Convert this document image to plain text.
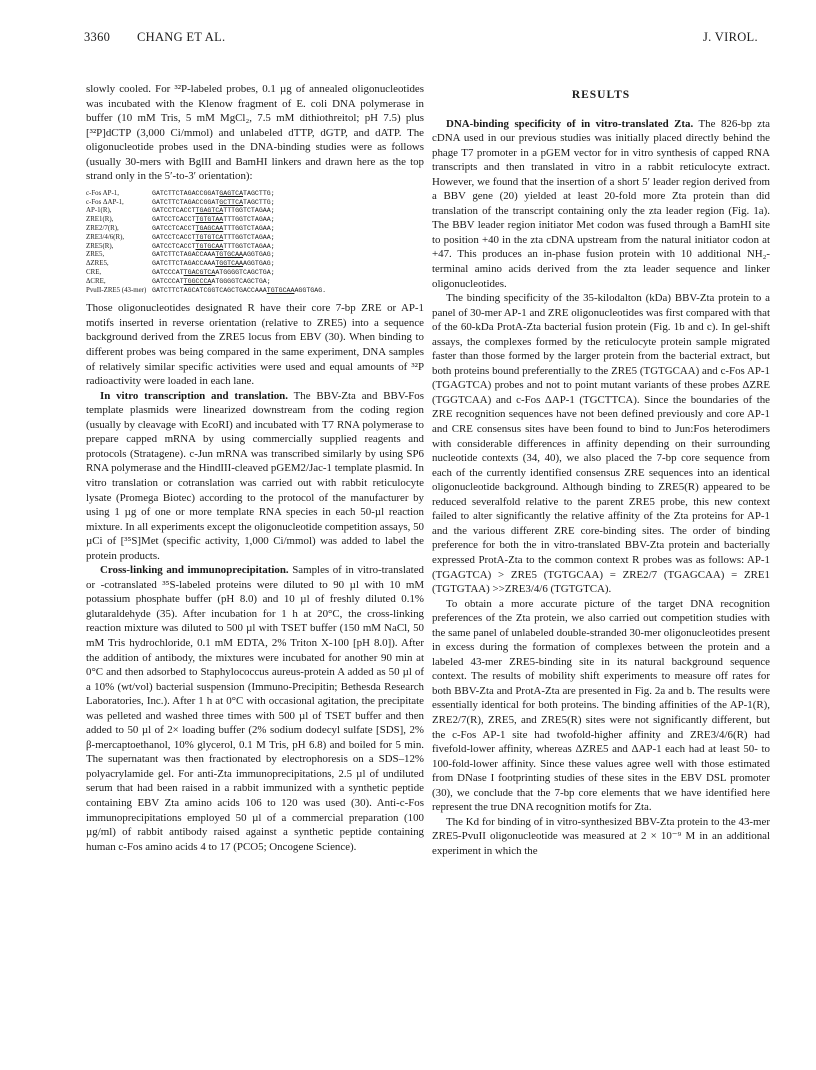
3360 CHANG ET AL.	J. VIROL.

slowly cooled. For ³²P-labeled probes, 0.1 µg of annealed oligonucleotides was incubated with the Klenow fragment of E. coli DNA polymerase in buffer (10 mM Tris, 5 mM MgCl₂, 7.5 mM dithiothreitol; pH 7.5) plus [³²P]dCTP (3,000 Ci/mmol) and unlabeled dTTP, dGTP, and dATP. The oligonucleotide probes used in the DNA-binding studies were as follows (usually 30-mers with BglII and BamHI linkers and drawn here as the top strand only in the 5′-to-3′ orientation):

c-Fos AP-1,	GATCTTCTAGACCGGATGAGTCATAGCTTG;
c-Fos ΔAP-1,	GATCTTCTAGACCGGATGCTTCATAGCTTG;
AP-1(R),	GATCCTCACCTTGAGTCATTTGGTCTAGAA;
ZRE1(R),	GATCCTCACCTTGTGTAATTTGGTCTAGAA;
ZRE2/7(R),	GATCCTCACCTTGAGCAATTTGGTCTAGAA;
ZRE3/4/6(R),	GATCCTCACCTTGTGTCATTTGGTCTAGAA;
ZRE5(R),	GATCCTCACCTTGTGCAATTTGGTCTAGAA;
ZRE5,	GATCTTCTAGACCAAATGTGCAAAGGTGAG;
ΔZRE5,	GATCTTCTAGACCAAATGGTCAAAGGTGAG;
CRE,	GATCCCATTGACGTCAATGGGGTCAGCTGA;
ΔCRE,	GATCCCATTGGCCCAATGGGGTCAGCTGA;
PvuII-ZRE5 (43-mer)	GATCTTCTAGCATCGGTCAGCTGACCAAATGTGCAAAGGTGAG.

Those oligonucleotides designated R have their core 7-bp ZRE or AP-1 motifs inserted in reverse orientation (relative to ZRE5) into a sequence background derived from the ZRE5 locus from EBV (30). When binding to different probes was being compared in the same experiment, DNA samples of relatively similar specific activities were used and equal amounts of ³²P radioactivity were loaded in each lane.

In vitro transcription and translation. The BBV-Zta and BBV-Fos template plasmids were linearized downstream from the coding region (usually by cleavage with EcoRI) and incubated with T7 RNA polymerase to prepare capped mRNA by using commercially supplied reagents and protocols (Stratagene). c-Jun mRNA was transcribed similarly by using SP6 RNA polymerase and the HindIII-cleaved pGEM2/Jac-1 template plasmid. In vitro translation or cotranslation was carried out with rabbit reticulocyte lysate (Promega Biotec) according to the protocol of the manufacturer by using 1 µg of one or more template RNA species in each 50-µl reaction mixture. In all experiments except the oligonucleotide competition assays, 50 µCi of [³⁵S]Met (specific activity, 1,000 Ci/mmol) was added to label the protein products.

Cross-linking and immunoprecipitation. Samples of in vitro-translated or -cotranslated ³⁵S-labeled proteins were diluted to 90 µl with 10 mM potassium phosphate buffer (pH 8.0) and 10 µl of freshly diluted 0.1% glutaraldehyde (35). After incubation for 1 h at 20°C, the cross-linking reaction mixture was diluted to 500 µl with TSET buffer (150 mM NaCl, 50 mM Tris hydrochloride, 0.1 mM EDTA, 2% Triton X-100 [pH 8.0]). After the addition of antibody, the mixtures were incubated for another 90 min at 0°C and then adsorbed to Staphylococcus aureus-protein A added as 50 µl of a 10% (wt/vol) bacterial suspension (Immuno-Precipitin; Bethesda Research Laboratories, Inc.). After 1 h at 0°C with occasional agitation, the precipitate was pelleted and washed three times with 500 µl of TSET buffer and then added to 50 µl of 2× loading buffer (2% sodium dodecyl sulfate [SDS], 2% β-mercaptoethanol, 10% glycerol, 0.1 M Tris, pH 6.8) and boiled for 5 min. The supernatant was then fractionated by electrophoresis on a SDS–12% polyacrylamide gel. For anti-Zta immunoprecipitations, 2.5 µl of undiluted serum that had been raised in a rabbit immunized with a synthetic peptide containing EBV Zta amino acids 106 to 120 was used (30). Anti-c-Fos immunoprecipitations employed 50 µl of a commercial preparation (100 µg/ml) of rabbit antibody raised against a synthetic peptide containing human c-Fos amino acids 4 to 17 (PCO5; Oncogene Science).

RESULTS

DNA-binding specificity of in vitro-translated Zta. The 826-bp zta cDNA used in our previous studies was initially placed directly behind the phage T7 promoter in a pGEM vector for in vitro synthesis of capped RNA transcripts and then translated in vitro in a rabbit reticulocyte extract. However, we found that the insertion of a short 5′ leader region derived from a BBV gene (20) yielded at least 20-fold more Zta protein than did translation of the transcript containing only the zta leader region (Fig. 1a). The BBV leader region initiator Met codon was fused through a BamHI site to position +40 in the zta cDNA upstream from the natural initiator codon at +47. This produces an in-phase fusion protein with 10 additional NH₂-terminal amino acids derived from the zta leader sequence and linker oligonucleotides.

The binding specificity of the 35-kilodalton (kDa) BBV-Zta protein to a panel of 30-mer AP-1 and ZRE oligonucleotides was first compared with that of the 60-kDa ProtA-Zta bacterial fusion protein (Fig. 1b and c). In gel-shift assays, the complexes formed by the reticulocyte protein sample migrated faster than those formed by the larger protein from the bacterial extract, but both proteins bound preferentially to the ZRE5 (TGTGCAA) and c-Fos AP-1 (TGAGTCA) probes and not to point mutant variants of these probes ΔZRE (TGGTCAA) and c-Fos ΔAP-1 (TGCTTCA). Since the boundaries of the ZRE recognition sequences have not been defined previously and core AP-1 and CRE consensus sites have been found to bind to Jun:Fos heterodimers with considerable differences in affinity depending on their surrounding nucleotide contexts (34, 40), we also placed the 7-bp core sequence from each of the currently identified consensus ZRE sequences into an identical oligonucleotide background. Although binding to ZRE5(R) appeared to be reduced severalfold relative to the parent ZRE5 probe, this new context failed to alter significantly the relative affinity of the Zta proteins for AP-1 and the various different ZRE core-binding sites. The order of binding preference for both the in vitro-translated BBV-Zta protein and bacterially expressed ProtA-Zta to the common context R probes was as follows: AP-1 (TGAGTCA) > ZRE5 (TGTGCAA) = ZRE2/7 (TGAGCAA) = ZRE1 (TGTGTAA) >>ZRE3/4/6 (TGTGTCA).

To obtain a more accurate picture of the target DNA recognition preferences of the Zta protein, we also carried out competition studies with the same panel of unlabeled double-stranded 30-mer oligonucleotides present in excess during the formation of complexes between the protein and a labeled 43-mer ZRE5-binding site in its natural background sequence context. The results of mobility shift experiments to measure off rates for both BBV-Zta and ProtA-Zta are presented in Fig. 2a and b. The results were essentially identical for both proteins. The binding affinities of the AP-1(R), ZRE2/7(R), ZRE5, and ZRE5(R) sites were not significantly different, but the c-Fos AP-1 site had twofold-higher affinity and ZRE3/4/6(R) had fivefold-lower affinity, whereas ΔZRE5 and ΔAP-1 each had at least 50- to 100-fold-lower affinity. Since these values agree well with those estimated from DNase I footprinting studies of these sites in the EBV DSL promoter (30), we conclude that the 7-bp core elements that we have identified here represent the true DNA recognition motifs for Zta.

The Kd for binding of in vitro-synthesized BBV-Zta protein to the 43-mer ZRE5-PvuII oligonucleotide was measured at 2 × 10⁻⁹ M in an additional experiment in which the
